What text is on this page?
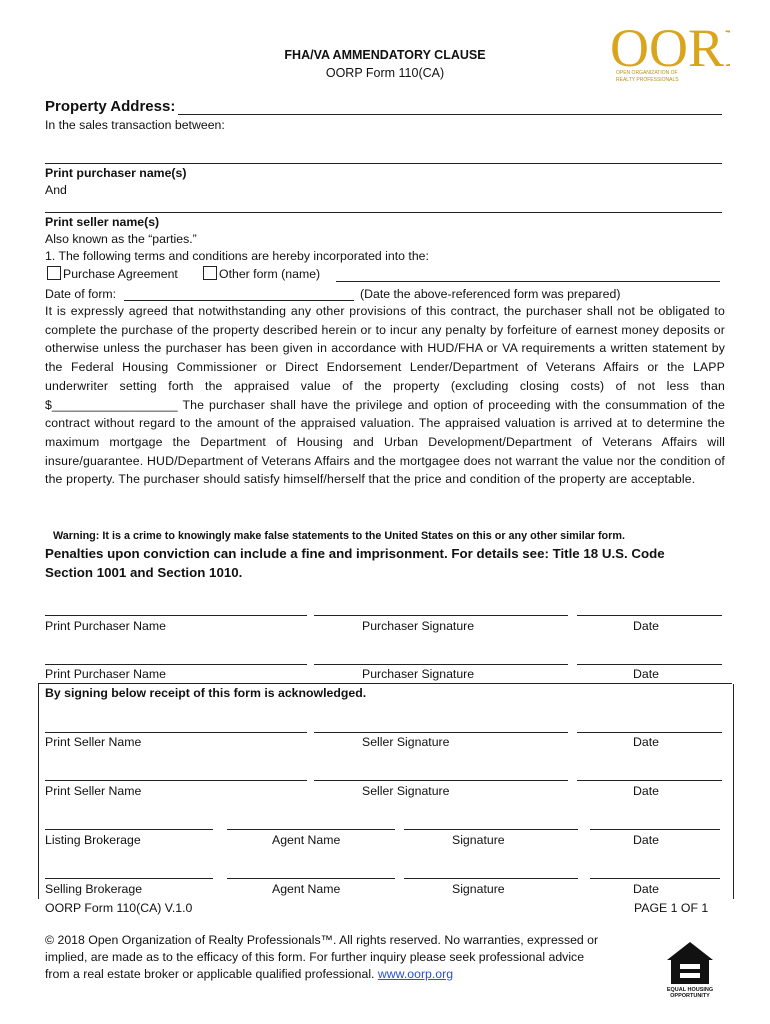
FHA/VA AMMENDATORY CLAUSE
OORP Form 110(CA)	OOR
OPEN ORGANIZATION OF
REALTY PROFESSIONALS
Property Address:
In the sales transaction between:
Print purchaser name(s)
And
Print seller name(s)
Also known as the “parties.”
1. The following terms and conditions are hereby incorporated into the:
Purchase Agreement	Other form (name)
Date of form:	(Date the above-referenced form was prepared)
It is expressly agreed that notwithstanding any other provisions of this contract, the purchaser shall not be obligated to complete the purchase of the property described herein or to incur any penalty by forfeiture of earnest money deposits or otherwise unless the purchaser has been given in accordance with HUD/FHA or VA requirements a written statement by the Federal Housing Commissioner or Direct Endorsement Lender/Department of Veterans Affairs or the LAPP underwriter setting forth the appraised value of the property (excluding closing costs) of not less than $__________________ The purchaser shall have the privilege and option of proceeding with the consummation of the contract without regard to the amount of the appraised valuation. The appraised valuation is arrived at to determine the maximum mortgage the Department of Housing and Urban Development/Department of Veterans Affairs will insure/guarantee. HUD/Department of Veterans Affairs and the mortgagee does not warrant the value nor the condition of the property. The purchaser should satisfy himself/herself that the price and condition of the property are acceptable.
Warning: It is a crime to knowingly make false statements to the United States on this or any other similar form.
Penalties upon conviction can include a fine and imprisonment. For details see: Title 18 U.S. Code
Section 1001 and Section 1010.
Print Purchaser Name	Purchaser Signature	Date
Print Purchaser Name	Purchaser Signature	Date
By signing below receipt of this form is acknowledged.
Print Seller Name	Seller Signature	Date
Print Seller Name	Seller Signature	Date
Listing Brokerage	Agent Name	Signature	Date
Selling Brokerage	Agent Name	Signature	Date
OORP Form 110(CA) V.1.0	PAGE 1 OF 1
© 2018 Open Organization of Realty Professionals™. All rights reserved. No warranties, expressed or
implied, are made as to the efficacy of this form. For further inquiry please seek professional advice
from a real estate broker or applicable qualified professional. www.oorp.org
EQUAL HOUSING
OPPORTUNITY
